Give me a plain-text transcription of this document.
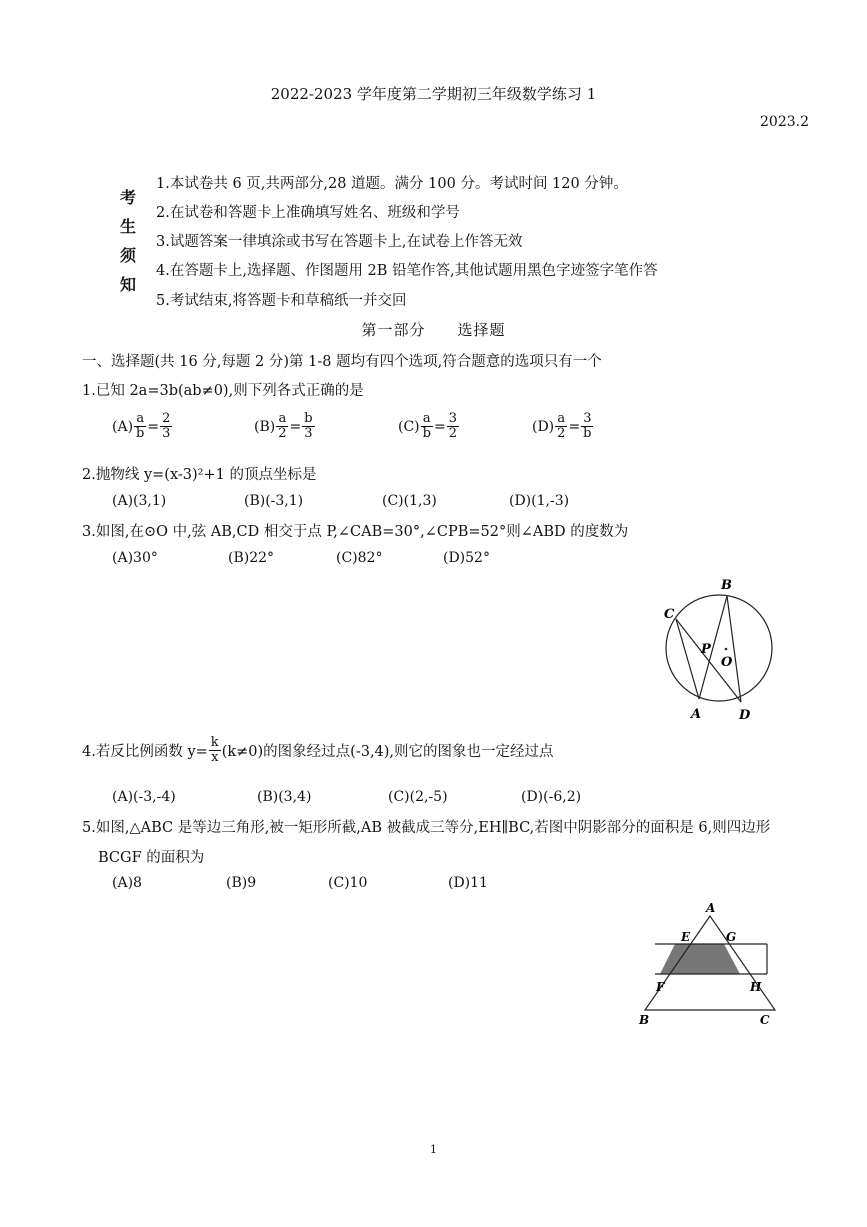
2022-2023 学年度第二学期初三年级数学练习 1
2023.2
考
生
须
知
1.本试卷共 6 页,共两部分,28 道题。满分 100 分。考试时间 120 分钟。
2.在试卷和答题卡上准确填写姓名、班级和学号
3.试题答案一律填涂或书写在答题卡上,在试卷上作答无效
4.在答题卡上,选择题、作图题用 2B 铅笔作答,其他试题用黑色字迹签字笔作答
5.考试结束,将答题卡和草稿纸一并交回
第一部分　　选择题
一、选择题(共 16 分,每题 2 分)第 1-8 题均有四个选项,符合题意的选项只有一个
1.已知 2a=3b(ab≠0),则下列各式正确的是
$(A) \frac{a}{b} = \frac{2}{3}$	$(B) \frac{a}{2} = \frac{b}{3}$	$(C) \frac{a}{b} = \frac{3}{2}$	$(D) \frac{a}{2} = \frac{3}{b}$
2.抛物线 y=(x-3)²+1 的顶点坐标是
(A)(3,1)	(B)(-3,1)	(C)(1,3)	(D)(1,-3)
3.如图,在⊙O 中,弦 AB,CD 相交于点 P,∠CAB=30°,∠CPB=52°则∠ABD 的度数为
(A)30°	(B)22°	(C)82°	(D)52°
B
C
P
O
A	D
4.若反比例函数 $y= \frac{k}{x} (k\ne 0)$的图象经过点(-3,4),则它的图象也一定经过点
(A)(-3,-4)	(B)(3,4)	(C)(2,-5)	(D)(-6,2)
5.如图,△ABC 是等边三角形,被一矩形所截,AB 被截成三等分,EH∥BC,若图中阴影部分的面积是 6,则四边形
BCGF 的面积为
(A)8	(B)9	(C)10	(D)11
A
E	G
F	H
B	C
1
